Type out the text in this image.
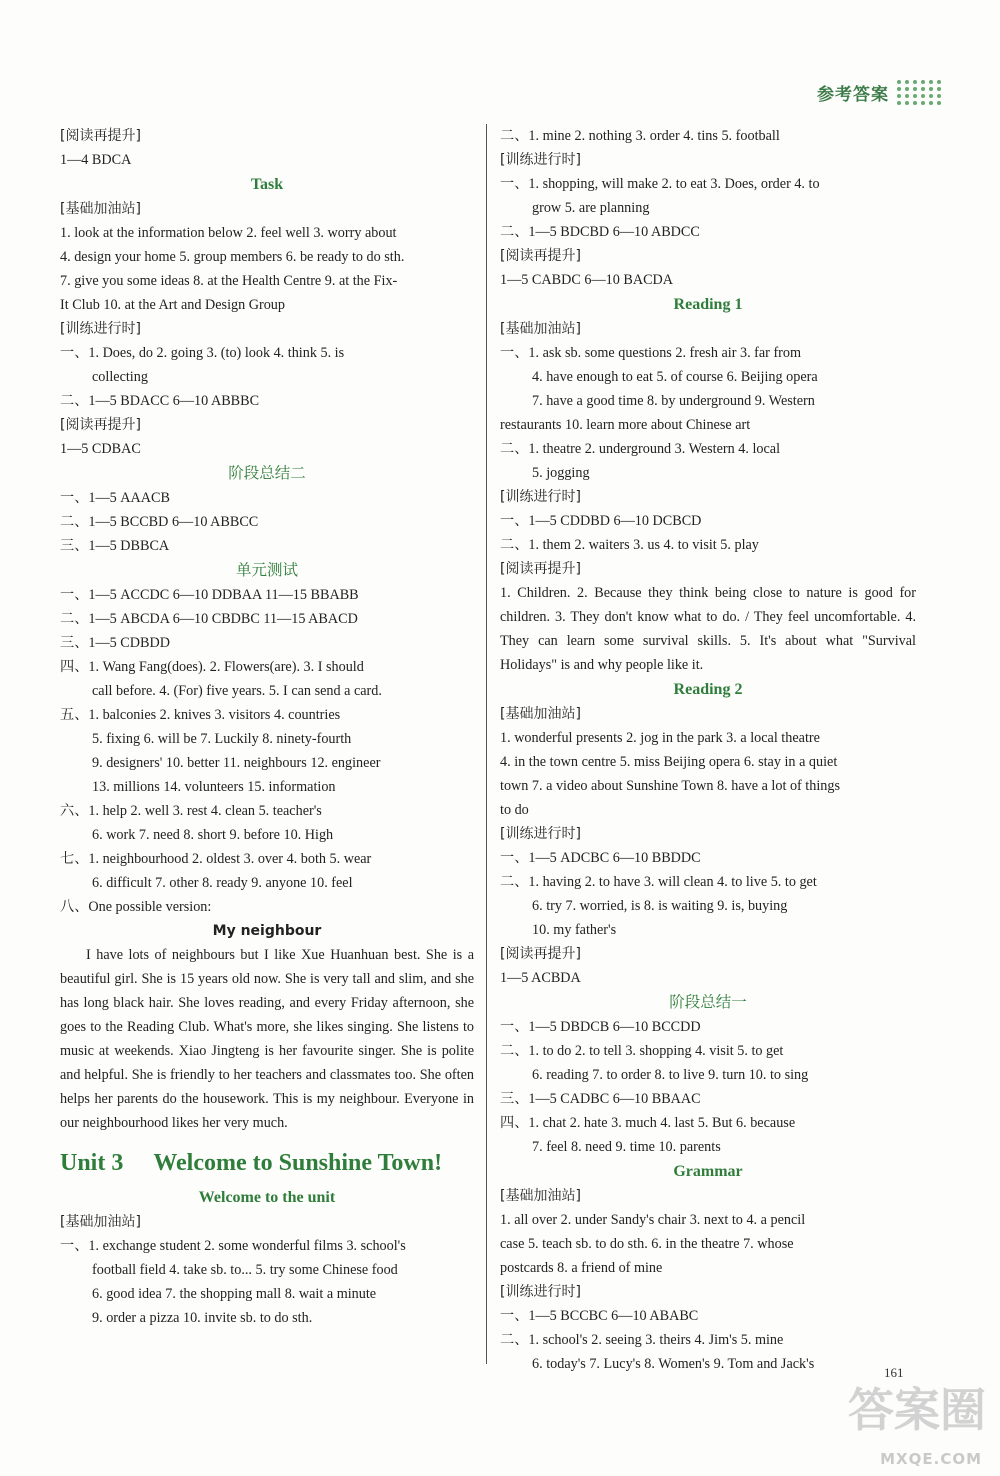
参考答案
[阅读再提升]
1—4 BDCA
Task
[基础加油站]
1. look at the information below 2. feel well 3. worry about
4. design your home 5. group members 6. be ready to do sth.
7. give you some ideas 8. at the Health Centre 9. at the Fix-
It Club 10. at the Art and Design Group
[训练进行时]
一、1. Does, do 2. going 3. (to) look 4. think 5. is
collecting
二、1—5 BDACC 6—10 ABBBC
[阅读再提升]
1—5 CDBAC
阶段总结二
一、1—5 AAACB
二、1—5 BCCBD 6—10 ABBCC
三、1—5 DBBCA
单元测试
一、1—5 ACCDC 6—10 DDBAA 11—15 BBABB
二、1—5 ABCDA 6—10 CBDBC 11—15 ABACD
三、1—5 CDBDD
四、1. Wang Fang(does). 2. Flowers(are). 3. I should
call before. 4. (For) five years. 5. I can send a card.
五、1. balconies 2. knives 3. visitors 4. countries
5. fixing 6. will be 7. Luckily 8. ninety-fourth
9. designers' 10. better 11. neighbours 12. engineer
13. millions 14. volunteers 15. information
六、1. help 2. well 3. rest 4. clean 5. teacher's
6. work 7. need 8. short 9. before 10. High
七、1. neighbourhood 2. oldest 3. over 4. both 5. wear
6. difficult 7. other 8. ready 9. anyone 10. feel
八、One possible version:
My neighbour
I have lots of neighbours but I like Xue Huanhuan best. She is a beautiful girl. She is 15 years old now. She is very tall and slim, and she has long black hair. She loves reading, and every Friday afternoon, she goes to the Reading Club. What's more, she likes singing. She listens to music at weekends. Xiao Jingteng is her favourite singer. She is polite and helpful. She is friendly to her teachers and classmates too. She often helps her parents do the housework. This is my neighbour. Everyone in our neighbourhood likes her very much.
Unit 3 Welcome to Sunshine Town!
Welcome to the unit
[基础加油站]
一、1. exchange student 2. some wonderful films 3. school's
football field 4. take sb. to... 5. try some Chinese food
6. good idea 7. the shopping mall 8. wait a minute
9. order a pizza 10. invite sb. to do sth.
二、1. mine 2. nothing 3. order 4. tins 5. football
[训练进行时]
一、1. shopping, will make 2. to eat 3. Does, order 4. to
grow 5. are planning
二、1—5 BDCBD 6—10 ABDCC
[阅读再提升]
1—5 CABDC 6—10 BACDA
Reading 1
[基础加油站]
一、1. ask sb. some questions 2. fresh air 3. far from
4. have enough to eat 5. of course 6. Beijing opera
7. have a good time 8. by underground 9. Western
restaurants 10. learn more about Chinese art
二、1. theatre 2. underground 3. Western 4. local
5. jogging
[训练进行时]
一、1—5 CDDBD 6—10 DCBCD
二、1. them 2. waiters 3. us 4. to visit 5. play
[阅读再提升]
1. Children. 2. Because they think being close to nature is good for children. 3. They don't know what to do. / They feel uncomfortable. 4. They can learn some survival skills. 5. It's about what "Survival Holidays" is and why people like it.
Reading 2
[基础加油站]
1. wonderful presents 2. jog in the park 3. a local theatre
4. in the town centre 5. miss Beijing opera 6. stay in a quiet
town 7. a video about Sunshine Town 8. have a lot of things
to do
[训练进行时]
一、1—5 ADCBC 6—10 BBDDC
二、1. having 2. to have 3. will clean 4. to live 5. to get
6. try 7. worried, is 8. is waiting 9. is, buying
10. my father's
[阅读再提升]
1—5 ACBDA
阶段总结一
一、1—5 DBDCB 6—10 BCCDD
二、1. to do 2. to tell 3. shopping 4. visit 5. to get
6. reading 7. to order 8. to live 9. turn 10. to sing
三、1—5 CADBC 6—10 BBAAC
四、1. chat 2. hate 3. much 4. last 5. But 6. because
7. feel 8. need 9. time 10. parents
Grammar
[基础加油站]
1. all over 2. under Sandy's chair 3. next to 4. a pencil
case 5. teach sb. to do sth. 6. in the theatre 7. whose
postcards 8. a friend of mine
[训练进行时]
一、1—5 BCCBC 6—10 ABABC
二、1. school's 2. seeing 3. theirs 4. Jim's 5. mine
6. today's 7. Lucy's 8. Women's 9. Tom and Jack's
161
答案圈
MXQE.COM
